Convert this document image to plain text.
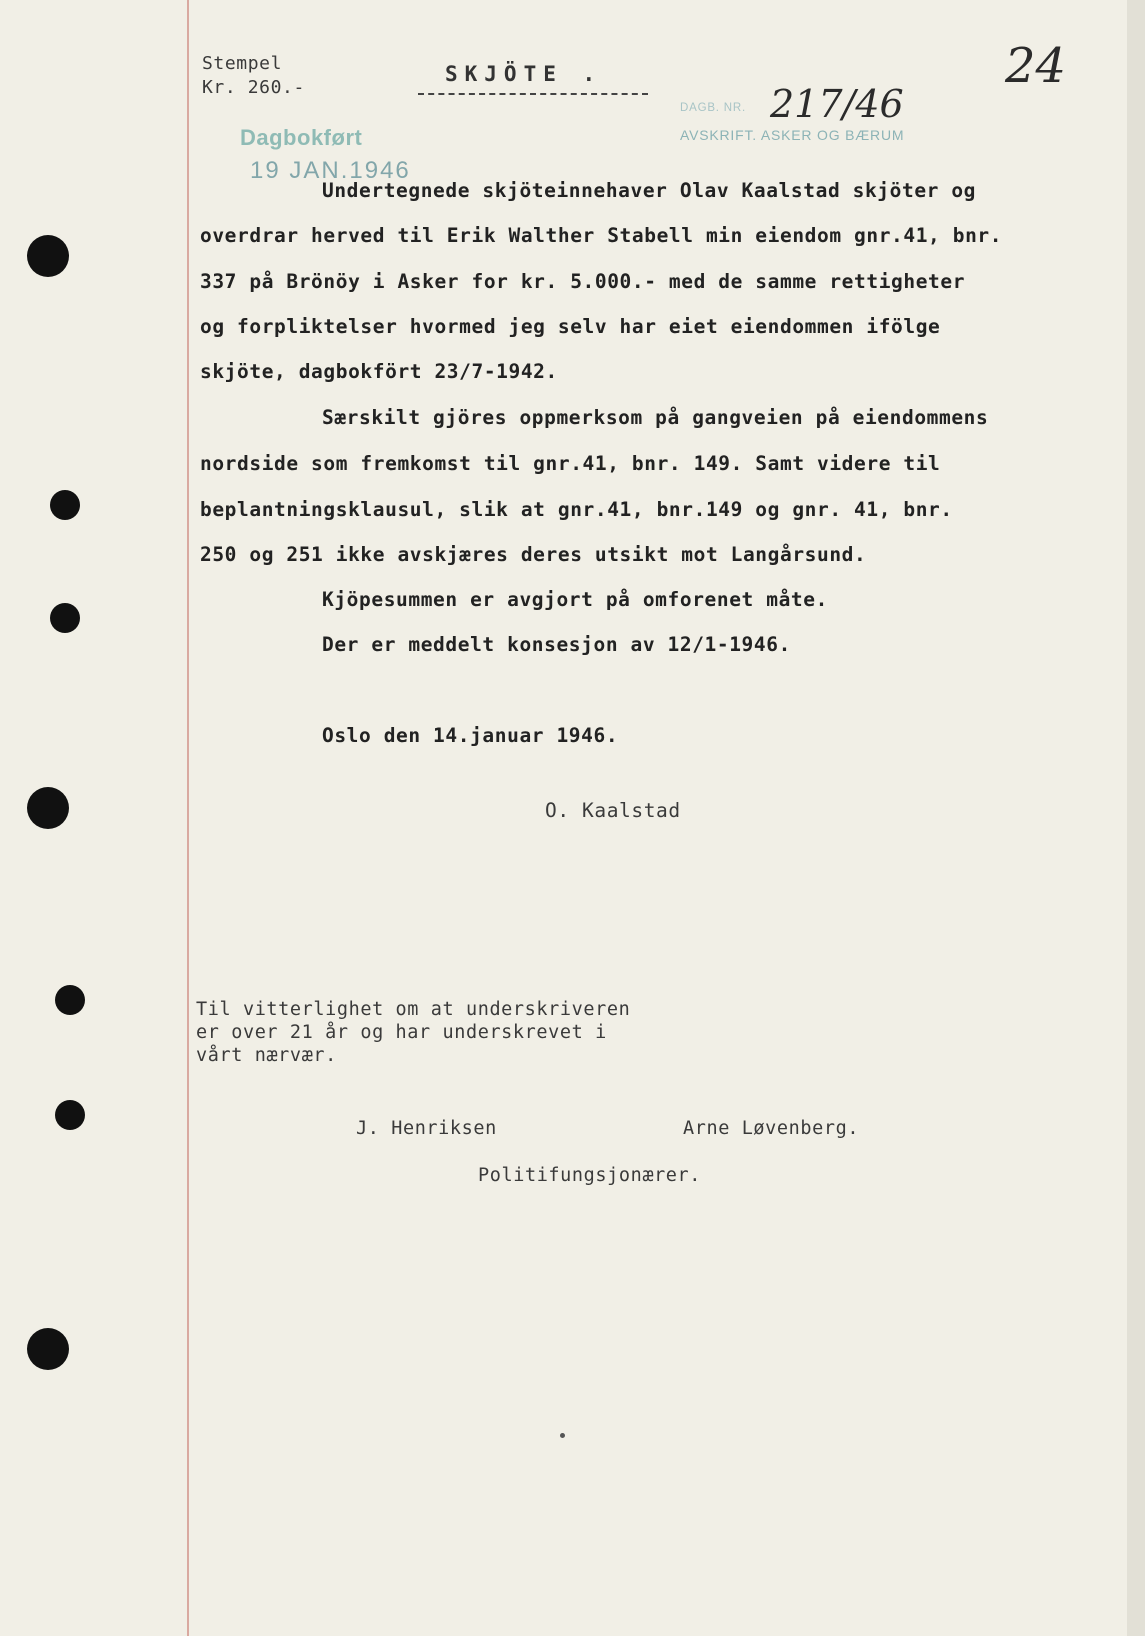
Stempel
Kr. 260.-
SKJÖTE .	24
Dagbokført
19 JAN.1946
DAGB. NR. 217/46
AVSKRIFT. ASKER OG BÆRUM
Undertegnede skjöteinnehaver Olav Kaalstad skjöter og
overdrar herved til Erik Walther Stabell min eiendom gnr.41, bnr.
337 på Brönöy i Asker for kr. 5.000.- med de samme rettigheter
og forpliktelser hvormed jeg selv har eiet eiendommen ifölge
skjöte, dagbokfört 23/7-1942.
Særskilt gjöres oppmerksom på gangveien på eiendommens
nordside som fremkomst til gnr.41, bnr. 149. Samt videre til
beplantningsklausul, slik at gnr.41, bnr.149 og gnr. 41, bnr.
250 og 251 ikke avskjæres deres utsikt mot Langårsund.
Kjöpesummen er avgjort på omforenet måte.
Der er meddelt konsesjon av 12/1-1946.
Oslo den 14.januar 1946.
O. Kaalstad
Til vitterlighet om at underskriveren
er over 21 år og har underskrevet i
vårt nærvær.
J. Henriksen	Arne Løvenberg.
Politifungsjonærer.
